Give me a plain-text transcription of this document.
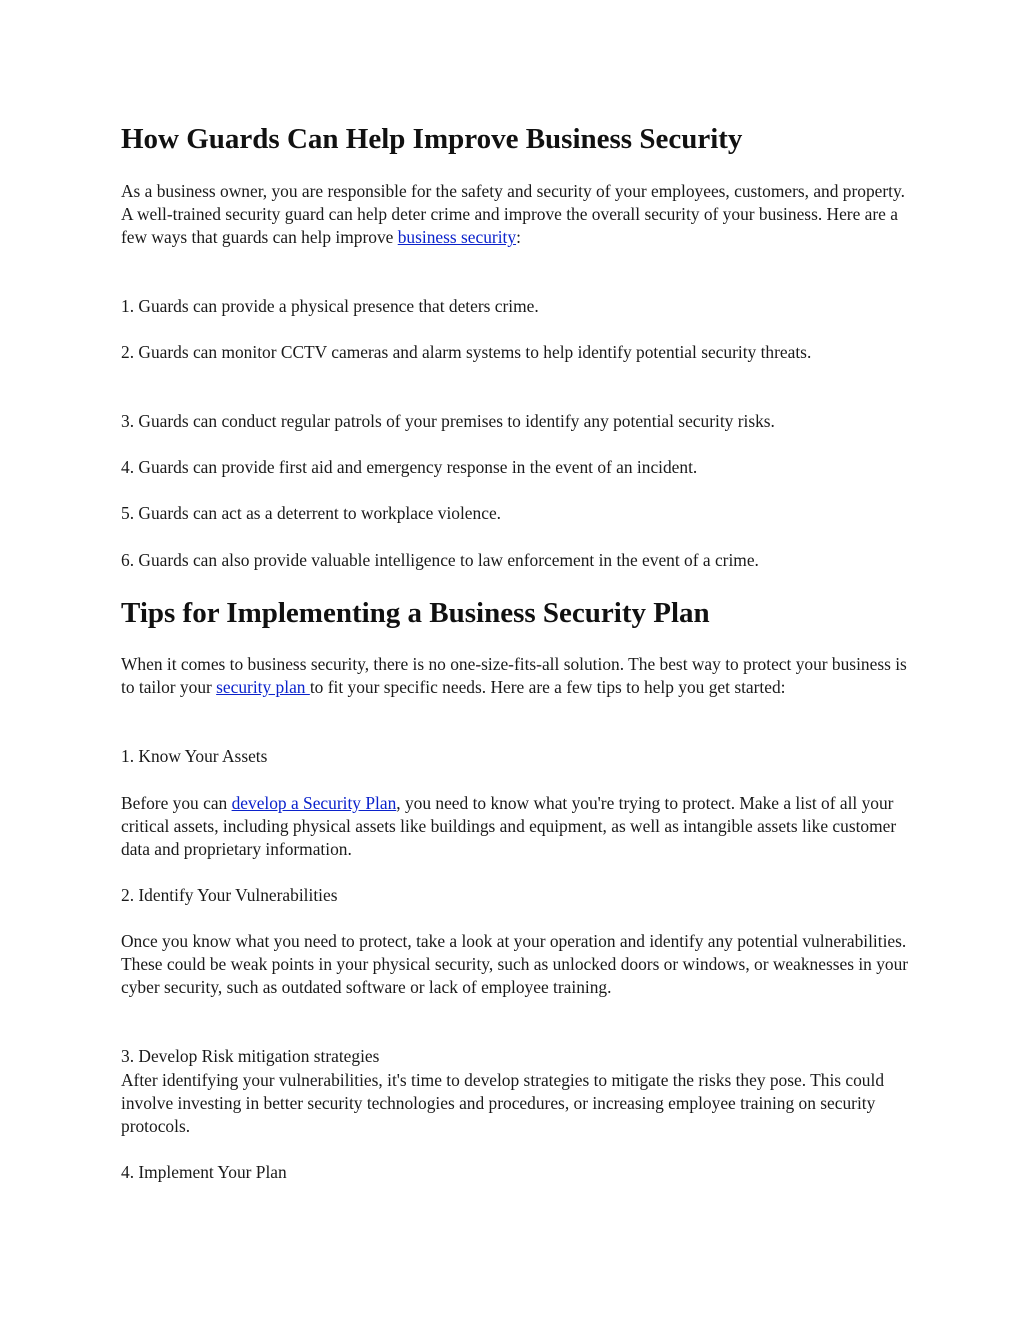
How Guards Can Help Improve Business Security

As a business owner, you are responsible for the safety and security of your employees, customers, and property. A well-trained security guard can help deter crime and improve the overall security of your business. Here are a few ways that guards can help improve business security:

1. Guards can provide a physical presence that deters crime.

2. Guards can monitor CCTV cameras and alarm systems to help identify potential security threats.

3. Guards can conduct regular patrols of your premises to identify any potential security risks.

4. Guards can provide first aid and emergency response in the event of an incident.

5. Guards can act as a deterrent to workplace violence.

6. Guards can also provide valuable intelligence to law enforcement in the event of a crime.

Tips for Implementing a Business Security Plan

When it comes to business security, there is no one-size-fits-all solution. The best way to protect your business is to tailor your security plan to fit your specific needs. Here are a few tips to help you get started:

1. Know Your Assets

Before you can develop a Security Plan, you need to know what you're trying to protect. Make a list of all your critical assets, including physical assets like buildings and equipment, as well as intangible assets like customer data and proprietary information.

2. Identify Your Vulnerabilities

Once you know what you need to protect, take a look at your operation and identify any potential vulnerabilities. These could be weak points in your physical security, such as unlocked doors or windows, or weaknesses in your cyber security, such as outdated software or lack of employee training.

3. Develop Risk mitigation strategies

After identifying your vulnerabilities, it's time to develop strategies to mitigate the risks they pose. This could involve investing in better security technologies and procedures, or increasing employee training on security protocols.

4. Implement Your Plan
